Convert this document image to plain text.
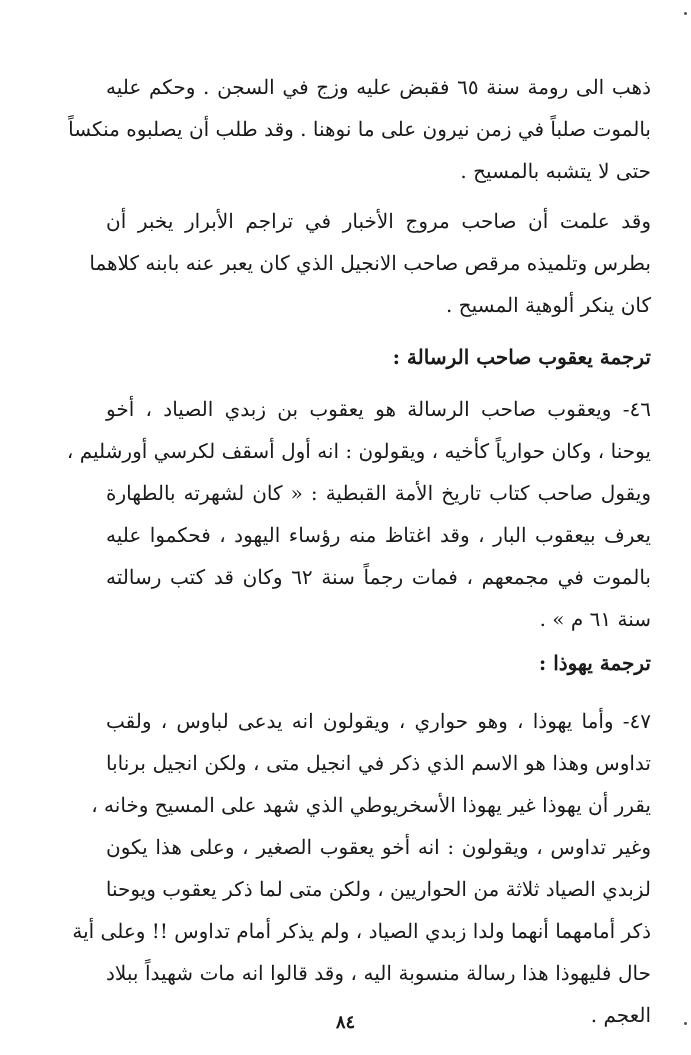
ذهب الى رومة سنة ٦٥ فقبض عليه وزج في السجن . وحكم عليه
بالموت صلباً في زمن نيرون على ما نوهنا . وقد طلب أن يصلبوه منكساً
حتى لا يتشبه بالمسيح .
وقد علمت أن صاحب مروج الأخبار في تراجم الأبرار يخبر أن
بطرس وتلميذه مرقص صاحب الانجيل الذي كان يعبر عنه بابنه كلاهما
كان ينكر ألوهية المسيح .
ترجمة يعقوب صاحب الرسالة :
٤٦- ويعقوب صاحب الرسالة هو يعقوب بن زبدي الصياد ، أخو
يوحنا ، وكان حوارياً كأخيه ، ويقولون : انه أول أسقف لكرسي أورشليم ،
ويقول صاحب كتاب تاريخ الأمة القبطية : « كان لشهرته بالطهارة
يعرف بيعقوب البار ، وقد اغتاظ منه رؤساء اليهود ، فحكموا عليه
بالموت في مجمعهم ، فمات رجماً سنة ٦٢ وكان قد كتب رسالته
سنة ٦١ م » .
ترجمة يهوذا :
٤٧- وأما يهوذا ، وهو حواري ، ويقولون انه يدعى لباوس ، ولقب
تداوس وهذا هو الاسم الذي ذكر في انجيل متى ، ولكن انجيل برنابا
يقرر أن يهوذا غير يهوذا الأسخريوطي الذي شهد على المسيح وخانه ،
وغير تداوس ، ويقولون : انه أخو يعقوب الصغير ، وعلى هذا يكون
لزبدي الصياد ثلاثة من الحواريين ، ولكن متى لما ذكر يعقوب ويوحنا
ذكر أمامهما أنهما ولدا زبدي الصياد ، ولم يذكر أمام تداوس !! وعلى أية
حال فليهوذا هذا رسالة منسوبة اليه ، وقد قالوا انه مات شهيداً ببلاد
العجم .
٨٤
